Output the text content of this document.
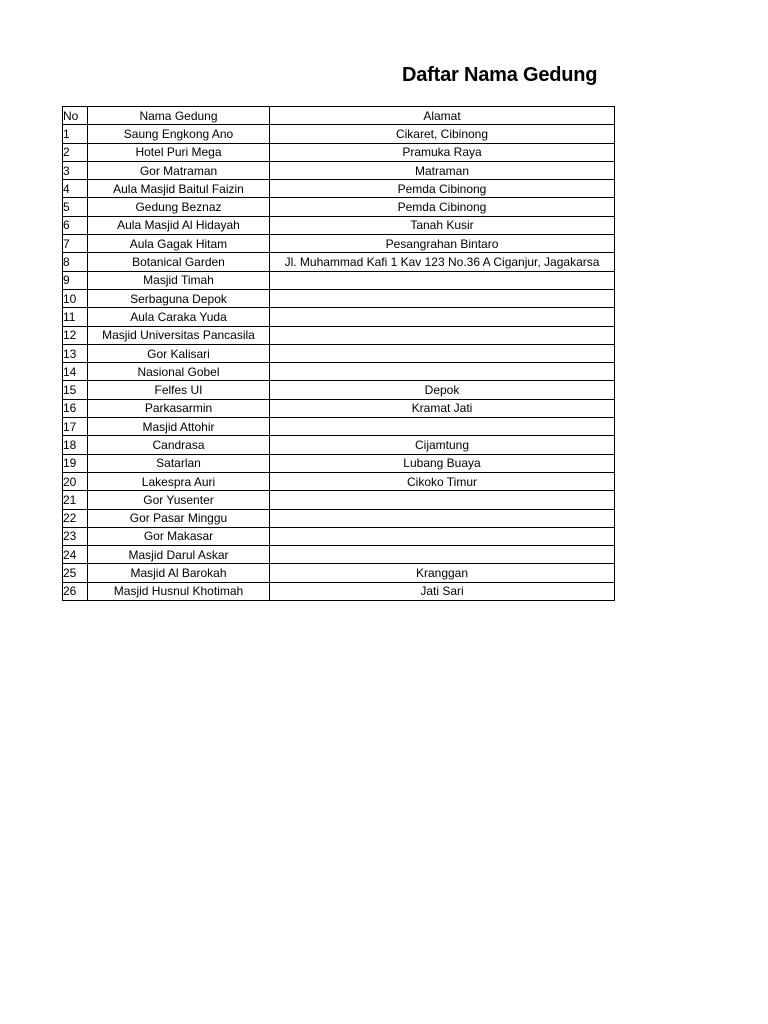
Daftar Nama Gedung
No	Nama Gedung	Alamat
1	Saung Engkong Ano	Cikaret, Cibinong
2	Hotel Puri Mega	Pramuka Raya
3	Gor Matraman	Matraman
4	Aula Masjid Baitul Faizin	Pemda Cibinong
5	Gedung Beznaz	Pemda Cibinong
6	Aula Masjid Al Hidayah	Tanah Kusir
7	Aula Gagak Hitam	Pesangrahan Bintaro
8	Botanical Garden	Jl. Muhammad Kafi 1 Kav 123 No.36 A Ciganjur, Jagakarsa
9	Masjid Timah	
10	Serbaguna Depok	
11	Aula Caraka Yuda	
12	Masjid Universitas Pancasila	
13	Gor Kalisari	
14	Nasional Gobel	
15	Felfes UI	Depok
16	Parkasarmin	Kramat Jati
17	Masjid Attohir	
18	Candrasa	Cijamtung
19	Satarlan	Lubang Buaya
20	Lakespra Auri	Cikoko Timur
21	Gor Yusenter	
22	Gor Pasar Minggu	
23	Gor Makasar	
24	Masjid Darul Askar	
25	Masjid Al Barokah	Kranggan
26	Masjid Husnul Khotimah	Jati Sari
